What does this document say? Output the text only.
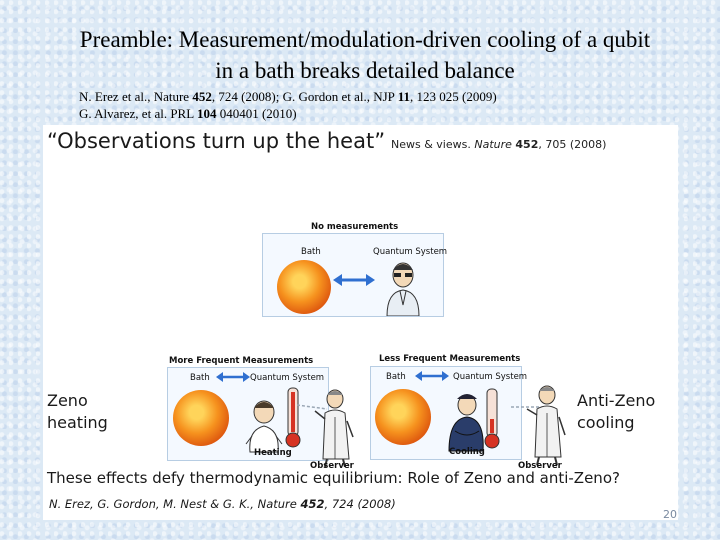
Preamble: Measurement/modulation-driven cooling of a qubit
in a bath breaks detailed balance
N. Erez et al., Nature 452, 724 (2008); G. Gordon et al., NJP 11, 123 025 (2009)
G. Alvarez, et al. PRL 104 040401 (2010)
“Observations turn up the heat” News & views. Nature 452, 705 (2008)
No measurements
Bath	Quantum System
More Frequent Measurements
Bath	Quantum System
Heating
Observer
Less Frequent Measurements
Bath	Quantum System
Cooling
Observer
Zeno
heating
Anti-Zeno
cooling
These effects defy thermodynamic equilibrium: Role of Zeno and anti-Zeno?
N. Erez, G. Gordon, M. Nest & G. K., Nature 452, 724 (2008)
20
